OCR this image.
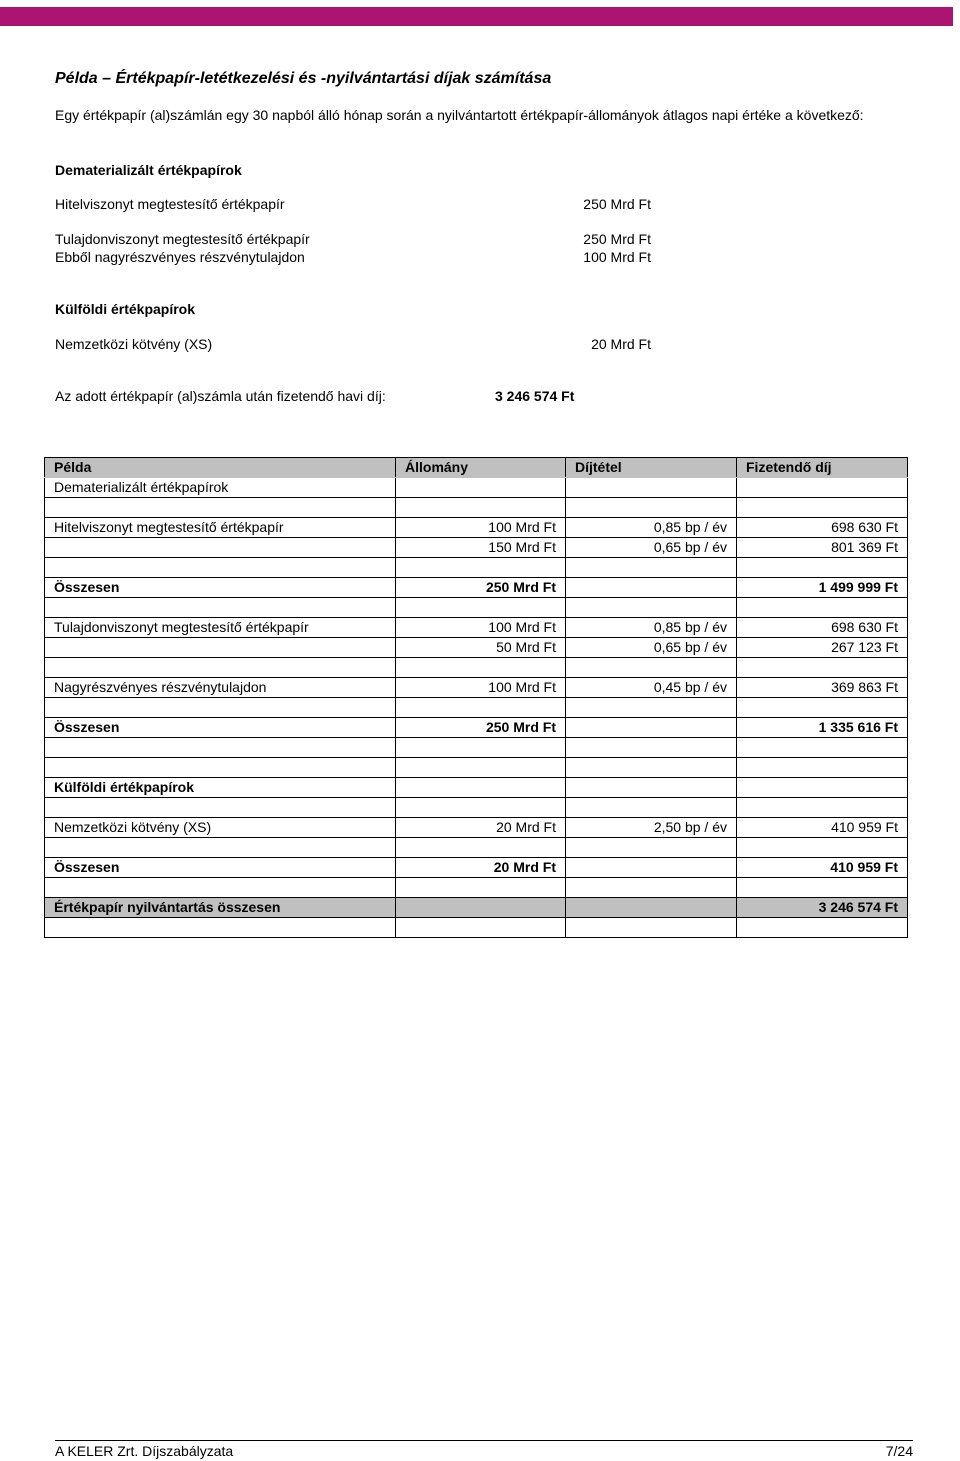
Példa – Értékpapír-letétkezelési és -nyilvántartási díjak számítása
Egy értékpapír (al)számlán egy 30 napból álló hónap során a nyilvántartott értékpapír-állományok átlagos napi értéke a következő:
Dematerializált értékpapírok
Hitelviszonyt megtestesítő értékpapír	250 Mrd Ft
Tulajdonviszonyt megtestesítő értékpapír	250 Mrd Ft
Ebből nagyrészvényes részvénytulajdon	100 Mrd Ft
Külföldi értékpapírok
Nemzetközi kötvény (XS)	20 Mrd Ft
Az adott értékpapír (al)számla után fizetendő havi díj:	3 246 574 Ft
Példa	Állomány	Díjtétel	Fizetendő díj
Dematerializált értékpapírok			

Hitelviszonyt megtestesítő értékpapír	100 Mrd Ft	0,85 bp / év	698 630 Ft
	150 Mrd Ft	0,65 bp / év	801 369 Ft

Összesen	250 Mrd Ft		1 499 999 Ft

Tulajdonviszonyt megtestesítő értékpapír	100 Mrd Ft	0,85 bp / év	698 630 Ft
	50 Mrd Ft	0,65 bp / év	267 123 Ft

Nagyrészvényes részvénytulajdon	100 Mrd Ft	0,45 bp / év	369 863 Ft

Összesen	250 Mrd Ft		1 335 616 Ft

Külföldi értékpapírok			

Nemzetközi kötvény (XS)	20 Mrd Ft	2,50 bp / év	410 959 Ft

Összesen	20 Mrd Ft		410 959 Ft

Értékpapír nyilvántartás összesen			3 246 574 Ft

A KELER Zrt. Díjszabályzata	7/24
